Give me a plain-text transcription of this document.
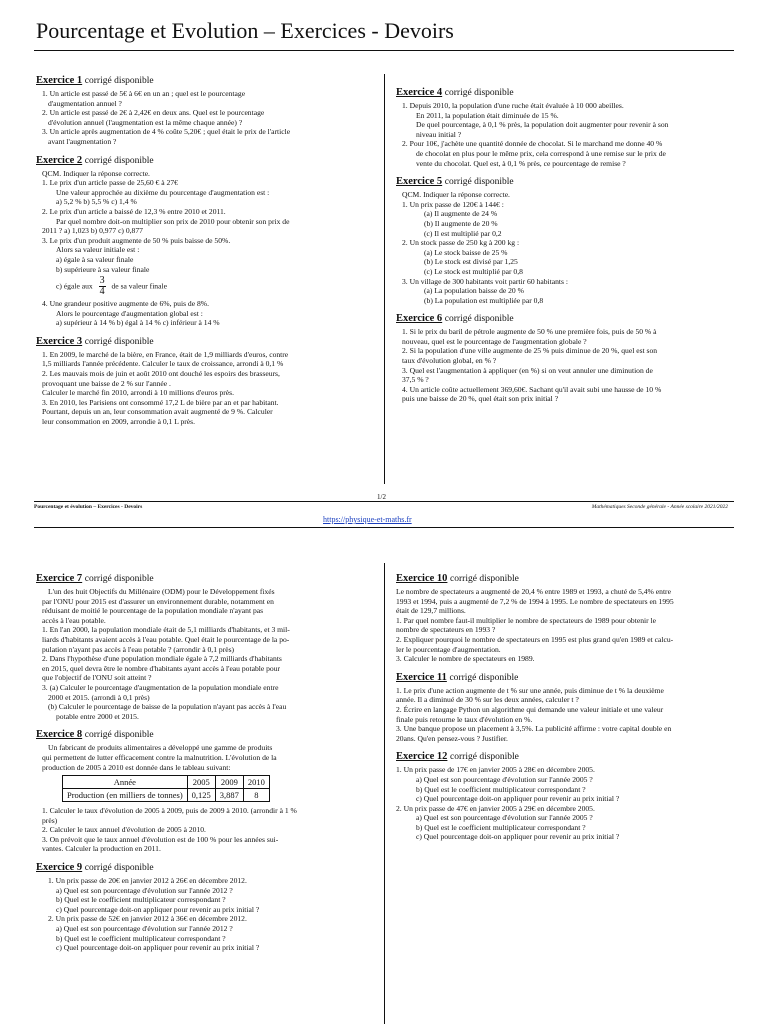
Pourcentage et Evolution – Exercices - Devoirs
Pourcentage et évolution – Exercices - Devoirs
1/2
Mathématiques Seconde générale - Année scolaire 2021/2022
https://physique-et-maths.fr
Exercice 1 corrigé disponible
1. Un article est passé de 5€ à 6€ en un an ; quel est le pourcentage
d'augmentation annuel ?
2. Un article est passé de 2€ à 2,42€ en deux ans. Quel est le pourcentage
d'évolution annuel (l'augmentation est la même chaque année) ?
3. Un article après augmentation de 4 % coûte 5,20€ ; quel était le prix de l'article
avant l'augmentation ?
Exercice 2 corrigé disponible
QCM. Indiquer la réponse correcte.
1. Le prix d'un article passe de 25,60 € à 27€
Une valeur approchée au dixième du pourcentage d'augmentation est :
a) 5,2 % b) 5,5 % c) 1,4 %
2. Le prix d'un article a baissé de 12,3 % entre 2010 et 2011.
Par quel nombre doit-on multiplier son prix de 2010 pour obtenir son prix de
2011 ? a) 1,023 b) 0,977 c) 0,877
3. Le prix d'un produit augmente de 50 % puis baisse de 50%.
Alors sa valeur initiale est :
a) égale à sa valeur finale
b) supérieure à sa valeur finale
c) égale aux $\frac{3}{4}$ de sa valeur finale
4. Une grandeur positive augmente de 6%, puis de 8%.
Alors le pourcentage d'augmentation global est :
a) supérieur à 14 % b) égal à 14 % c) inférieur à 14 %
Exercice 3 corrigé disponible
1. En 2009, le marché de la bière, en France, était de 1,9 milliards d'euros, contre
1,5 milliards l'année précédente. Calculer le taux de croissance, arrondi à 0,1 %
2. Les mauvais mois de juin et août 2010 ont douché les espoirs des brasseurs,
provoquant une baisse de 2 % sur l'année .
Calculer le marché fin 2010, arrondi à 10 millions d'euros près.
3. En 2010, les Parisiens ont consommé 17,2 L de bière par an et par habitant.
Pourtant, depuis un an, leur consommation avait augmenté de 9 %. Calculer
leur consommation en 2009, arrondie à 0,1 L près.
Exercice 4 corrigé disponible
1. Depuis 2010, la population d'une ruche était évaluée à 10 000 abeilles.
En 2011, la population était diminuée de 15 %.
De quel pourcentage, à 0,1 % près, la population doit augmenter pour revenir à son
niveau initial ?
2. Pour 10€, j'achète une quantité donnée de chocolat. Si le marchand me donne 40 %
de chocolat en plus pour le même prix, cela correspond à une remise sur le prix de
vente du chocolat. Quel est, à 0,1 % près, ce pourcentage de remise ?
Exercice 5 corrigé disponible
QCM. Indiquer la réponse correcte.
1. Un prix passe de 120€ à 144€ :
(a) Il augmente de 24 %
(b) Il augmente de 20 %
(c) Il est multiplié par 0,2
2. Un stock passe de 250 kg à 200 kg :
(a) Le stock baisse de 25 %
(b) Le stock est divisé par 1,25
(c) Le stock est multiplié par 0,8
3. Un village de 300 habitants voit partir 60 habitants :
(a) La population baisse de 20 %
(b) La population est multipliée par 0,8
Exercice 6 corrigé disponible
1. Si le prix du baril de pétrole augmente de 50 % une première fois, puis de 50 % à
nouveau, quel est le pourcentage de l'augmentation globale ?
2. Si la population d'une ville augmente de 25 % puis diminue de 20 %, quel est son
taux d'évolution global, en % ?
3. Quel est l'augmentation à appliquer (en %) si on veut annuler une diminution de
37,5 % ?
4. Un article coûte actuellement 369,60€. Sachant qu'il avait subi une hausse de 10 %
puis une baisse de 20 %, quel était son prix initial ?
Exercice 7 corrigé disponible
L'un des huit Objectifs du Millénaire (ODM) pour le Développement fixés
par l'ONU pour 2015 est d'assurer un environnement durable, notamment en
réduisant de moitié le pourcentage de la population mondiale n'ayant pas
accès à l'eau potable.
1. En l'an 2000, la population mondiale était de 5,1 milliards d'habitants, et 3 mil-
liards d'habitants avaient accès à l'eau potable. Quel était le pourcentage de la po-
pulation n'ayant pas accès à l'eau potable ? (arrondir à 0,1 près)
2. Dans l'hypothèse d'une population mondiale égale à 7,2 milliards d'habitants
en 2015, quel devra être le nombre d'habitants ayant accès à l'eau potable pour
que l'objectif de l'ONU soit atteint ?
3. (a) Calculer le pourcentage d'augmentation de la population mondiale entre
2000 et 2015. (arrondi à 0,1 près)
(b) Calculer le pourcentage de baisse de la population n'ayant pas accès à l'eau
potable entre 2000 et 2015.
Exercice 8 corrigé disponible
Un fabricant de produits alimentaires a développé une gamme de produits
qui permettent de lutter efficacement contre la malnutrition. L'évolution de la
production de 2005 à 2010 est donnée dans le tableau suivant:
Année	2005	2009	2010
Production (en milliers de tonnes)	0,125	3,887	8
1. Calculer le taux d'évolution de 2005 à 2009, puis de 2009 à 2010. (arrondir à 1 %
près)
2. Calculer le taux annuel d'évolution de 2005 à 2010.
3. On prévoit que le taux annuel d'évolution est de 100 % pour les années sui-
vantes. Calculer la production en 2011.
Exercice 9 corrigé disponible
1. Un prix passe de 20€ en janvier 2012 à 26€ en décembre 2012.
a) Quel est son pourcentage d'évolution sur l'année 2012 ?
b) Quel est le coefficient multiplicateur correspondant ?
c) Quel pourcentage doit-on appliquer pour revenir au prix initial ?
2. Un prix passe de 52€ en janvier 2012 à 36€ en décembre 2012.
a) Quel est son pourcentage d'évolution sur l'année 2012 ?
b) Quel est le coefficient multiplicateur correspondant ?
c) Quel pourcentage doit-on appliquer pour revenir au prix initial ?
Exercice 10 corrigé disponible
Le nombre de spectateurs a augmenté de 20,4 % entre 1989 et 1993, a chuté de 5,4% entre
1993 et 1994, puis a augmenté de 7,2 % de 1994 à 1995. Le nombre de spectateurs en 1995
était de 129,7 millions.
1. Par quel nombre faut-il multiplier le nombre de spectateurs de 1989 pour obtenir le
nombre de spectateurs en 1993 ?
2. Expliquer pourquoi le nombre de spectateurs en 1995 est plus grand qu'en 1989 et calcu-
ler le pourcentage d'augmentation.
3. Calculer le nombre de spectateurs en 1989.
Exercice 11 corrigé disponible
1. Le prix d'une action augmente de t % sur une année, puis diminue de t % la deuxième
année. Il a diminué de 30 % sur les deux années, calculer t ?
2. Écrire en langage Python un algorithme qui demande une valeur initiale et une valeur
finale puis retourne le taux d'évolution en %.
3. Une banque propose un placement à 3,5%. La publicité affirme : votre capital double en
20ans. Qu'en pensez-vous ? Justifier.
Exercice 12 corrigé disponible
1. Un prix passe de 17€ en janvier 2005 à 28€ en décembre 2005.
a) Quel est son pourcentage d'évolution sur l'année 2005 ?
b) Quel est le coefficient multiplicateur correspondant ?
c) Quel pourcentage doit-on appliquer pour revenir au prix initial ?
2. Un prix passe de 47€ en janvier 2005 à 29€ en décembre 2005.
a) Quel est son pourcentage d'évolution sur l'année 2005 ?
b) Quel est le coefficient multiplicateur correspondant ?
c) Quel pourcentage doit-on appliquer pour revenir au prix initial ?
